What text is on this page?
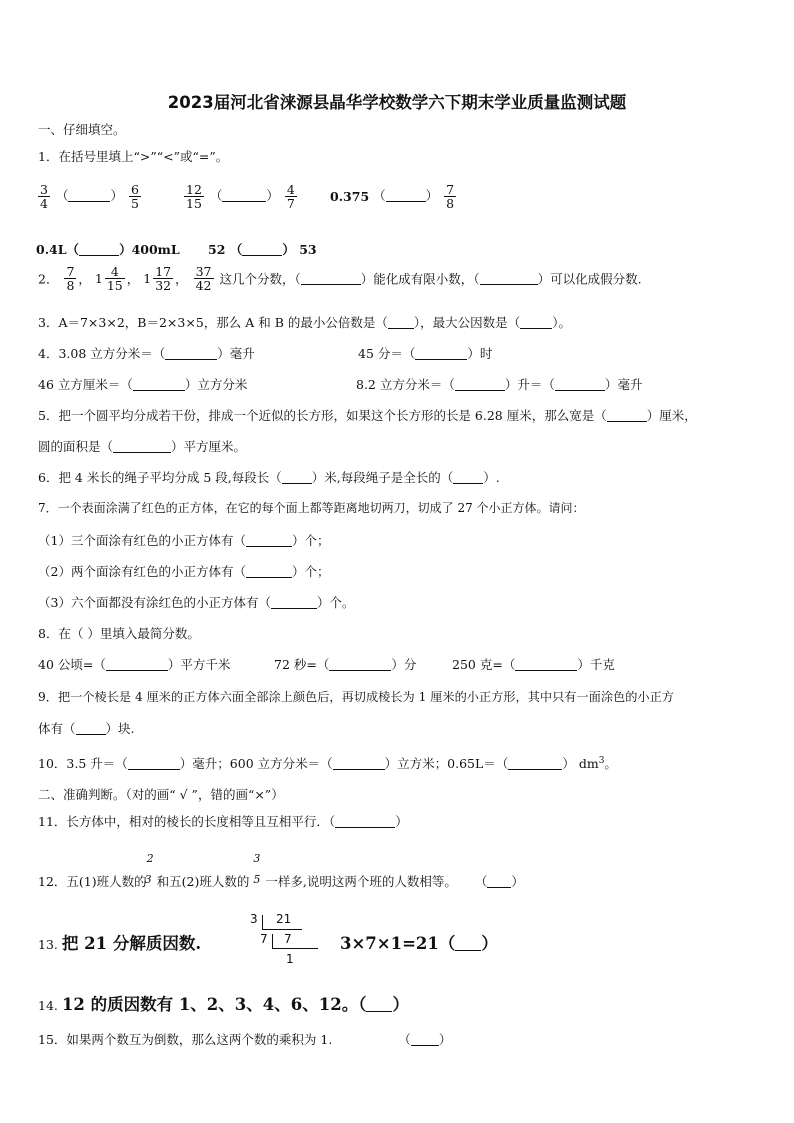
2023届河北省涞源县晶华学校数学六下期末学业质量监测试题
一、仔细填空。
1．在括号里填上“>”“<”或“=”。
$\frac{3}{4}$ （	） $\frac{6}{5}$	$\frac{12}{15}$ （	） $\frac{4}{7}$	0.375 （	） $\frac{7}{8}$
0.4L（	）400mL 52 （	） 53
2． $\frac{7}{8}$ ， $1 \frac{4}{15}$ ， $1 \frac{17}{32}$ ， $\frac{37}{42}$ 这几个分数，（	）能化成有限小数，（	）可以化成假分数.
3．A＝7×3×2，B＝2×3×5，那么 A 和 B 的最小公倍数是（ ），最大公因数是（	）。
4．3.08 立方分米＝（	）毫升	45 分＝（	）时
46 立方厘米＝（	）立方分米	8.2 立方分米＝（	）升＝（	）毫升
5．把一个圆平均分成若干份，排成一个近似的长方形，如果这个长方形的长是 6.28 厘米，那么宽是（	）厘米，
圆的面积是（	）平方厘米。
6．把 4 米长的绳子平均分成 5 段,每段长（ ）米,每段绳子是全长的（ ）.
7．一个表面涂满了红色的正方体，在它的每个面上都等距离地切两刀，切成了 27 个小正方体。请问：
（1）三个面涂有红色的小正方体有（	）个；
（2）两个面涂有红色的小正方体有（	）个；
（3）六个面都没有涂红色的小正方体有（	）个。
8．在（ ）里填入最简分数。
40 公顷=（	）平方千米	72 秒=（	）分	250 克=（	）千克
9．把一个棱长是 4 厘米的正方体六面全部涂上颜色后，再切成棱长为 1 厘米的小正方形，其中只有一面涂色的小正方
体有（ ）块.
10．3.5 升＝（	）毫升；600 立方分米＝（	）立方米；0.65L＝（	） $dm^3$。
二、准确判断。（对的画“ √ ”，错的画“×”）
11．长方体中，相对的棱长的长度相等且互相平行．（	）
12．五(1)班人数的
2
3 和五(2)班人数的
3
5 一样多,说明这两个班的人数相等。 （ ）
13. 把 21 分解质因数.
3 21
7 7
1
3×7×1=21（ ）
14. 12 的质因数有 1、2、3、4、6、12。（ ）
15．如果两个数互为倒数，那么这两个数的乘积为 1.	（ ）
